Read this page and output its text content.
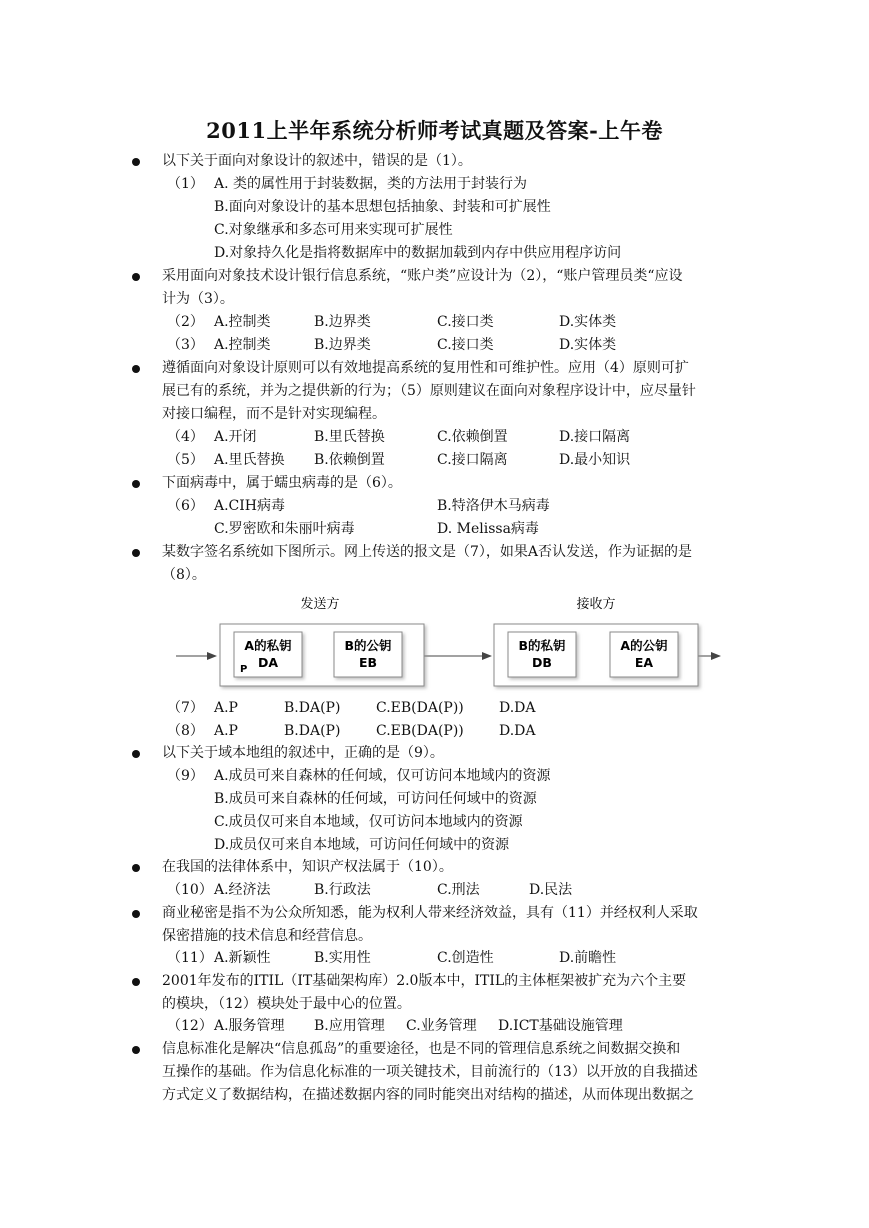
2011上半年系统分析师考试真题及答案-上午卷
以下关于面向对象设计的叙述中，错误的是（1）。
（1） A. 类的属性用于封装数据，类的方法用于封装行为
B.面向对象设计的基本思想包括抽象、封装和可扩展性
C.对象继承和多态可用来实现可扩展性
D.对象持久化是指将数据库中的数据加载到内存中供应用程序访问
采用面向对象技术设计银行信息系统，“账户类”应设计为（2），“账户管理员类“应设
计为（3）。
（2） A.控制类	B.边界类	C.接口类	D.实体类
（3） A.控制类	B.边界类	C.接口类	D.实体类
遵循面向对象设计原则可以有效地提高系统的复用性和可维护性。应用（4）原则可扩
展已有的系统，并为之提供新的行为；（5）原则建议在面向对象程序设计中，应尽量针
对接口编程，而不是针对实现编程。
（4） A.开闭	B.里氏替换	C.依赖倒置	D.接口隔离
（5） A.里氏替换 B.依赖倒置	C.接口隔离	D.最小知识
下面病毒中，属于蠕虫病毒的是（6）。
（6） A.CIH病毒	B.特洛伊木马病毒
C.罗密欧和朱丽叶病毒	D. Melissa病毒
某数字签名系统如下图所示。网上传送的报文是（7），如果A否认发送，作为证据的是
（8）。
发送方	接收方
A的私钥
DA
P
B的公钥
EB
B的私钥
DB
A的公钥
EA
（7） A.P	B.DA(P)	C.EB(DA(P))	D.DA
（8） A.P	B.DA(P)	C.EB(DA(P))	D.DA
以下关于域本地组的叙述中，正确的是（9）。
（9） A.成员可来自森林的任何域，仅可访问本地域内的资源
B.成员可来自森林的任何域，可访问任何域中的资源
C.成员仅可来自本地域，仅可访问本地域内的资源
D.成员仅可来自本地域，可访问任何域中的资源
在我国的法律体系中，知识产权法属于（10）。
（10） A.经济法	B.行政法	C.刑法	D.民法
商业秘密是指不为公众所知悉，能为权利人带来经济效益，具有（11）并经权利人采取
保密措施的技术信息和经营信息。
（11） A.新颖性	B.实用性	C.创造性	D.前瞻性
2001年发布的ITIL（IT基础架构库）2.0版本中，ITIL的主体框架被扩充为六个主要
的模块，（12）模块处于最中心的位置。
（12） A.服务管理 B.应用管理 C.业务管理 D.ICT基础设施管理
信息标准化是解决“信息孤岛”的重要途径，也是不同的管理信息系统之间数据交换和
互操作的基础。作为信息化标准的一项关键技术，目前流行的（13）以开放的自我描述
方式定义了数据结构，在描述数据内容的同时能突出对结构的描述，从而体现出数据之
